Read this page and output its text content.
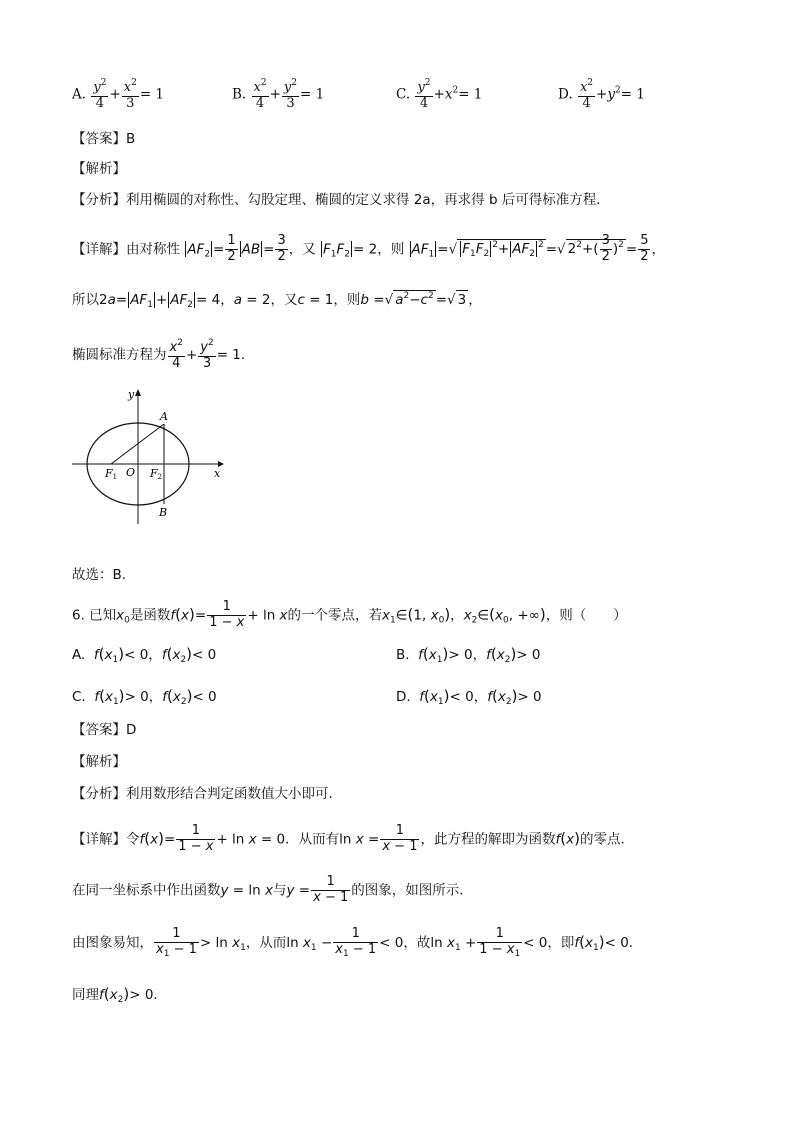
A. $\frac{y^2}{4} + \frac{x^2}{3} = 1$	B. $\frac{x^2}{4} + \frac{y^2}{3} = 1$	C. $\frac{y^2}{4} +x^2= 1$	D. $\frac{x^2}{4} +y^2= 1$
【答案】B
【解析】
【分析】利用椭圆的对称性、勾股定理、椭圆的定义求得 2a，再求得 b 后可得标准方程．
【详解】由对称性 $AF_2 = \frac{1}{2}$ AB = $\frac{3}{2}$ ，又 $F_1F_2 = 2$，则 $AF_1$ =√ $F_1F_2^2+ AF_2^2$ =√ $2^2+( \frac{3}{2} )^2 = \frac{5}{2}$ ，
所以$2a= AF_1 + AF_2 = 4$，a = 2，又c = 1，则b =√ $a^2-c^2$ =√ 3 ，
椭圆标准方程为 $\frac{x^2}{4} + \frac{y^2}{3} = 1$．
y
x
A
B
O
F1	F2
故选：B．
6. 已知$x_0$是函数$f(x)= \frac{1}{1 - x} + \ln x$的一个零点，若$x_1\in(1$, $x_0$)，$x_2\in(x_0$, +∞)，则（　　）
A. $f(x_1)< 0$，$f(x_2)< 0$	B. $f(x_1)> 0$，$f(x_2)> 0$
C. $f(x_1)> 0$，$f(x_2)< 0$	D. $f(x_1)< 0$，$f(x_2)> 0$
【答案】D
【解析】
【分析】利用数形结合判定函数值大小即可.
【详解】令$f(x)= \frac{1}{1 - x} + \ln x = 0$．从而有$\ln x = \frac{1}{x - 1}$ ，此方程的解即为函数f(x)的零点．
在同一坐标系中作出函数y = ln x与$y = \frac{1}{x - 1}$ 的图象，如图所示．
由图象易知， $\frac{1}{x_1 - 1} > \ln x_1$，从而$\ln x_1 - \frac{1}{x_1 - 1} < 0$，故$\ln x_1 + \frac{1}{1 - x_1} < 0$，即$f(x_1)< 0$．
同理$f(x_2)> 0$．
